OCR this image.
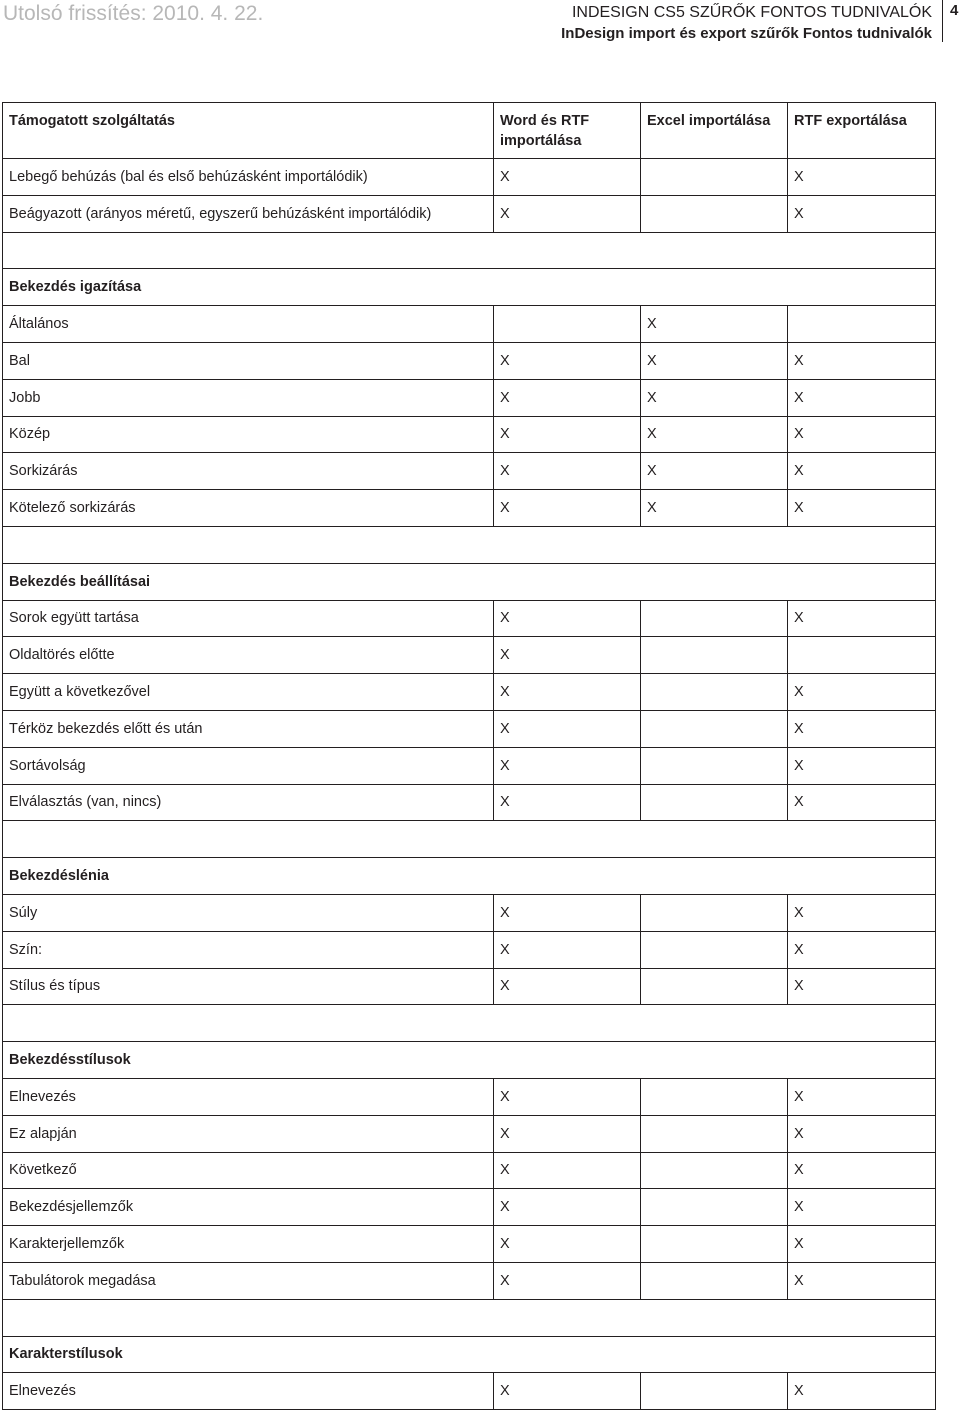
Utolsó frissítés: 2010. 4. 22.	INDESIGN CS5 SZŰRŐK FONTOS TUDNIVALÓK
InDesign import és export szűrők Fontos tudnivalók
4
Támogatott szolgáltatás	Word és RTF importálása	Excel importálása	RTF exportálása
Lebegő behúzás (bal és első behúzásként importálódik)	X		X
Beágyazott (arányos méretű, egyszerű behúzásként importálódik)	X		X

Bekezdés igazítása			
Általános		X	
Bal	X	X	X
Jobb	X	X	X
Közép	X	X	X
Sorkizárás	X	X	X
Kötelező sorkizárás	X	X	X

Bekezdés beállításai			
Sorok együtt tartása	X		X
Oldaltörés előtte	X		
Együtt a következővel	X		X
Térköz bekezdés előtt és után	X		X
Sortávolság	X		X
Elválasztás (van, nincs)	X		X

Bekezdéslénia			
Súly	X		X
Szín:	X		X
Stílus és típus	X		X

Bekezdésstílusok			
Elnevezés	X		X
Ez alapján	X		X
Következő	X		X
Bekezdésjellemzők	X		X
Karakterjellemzők	X		X
Tabulátorok megadása	X		X

Karakterstílusok			
Elnevezés	X		X
